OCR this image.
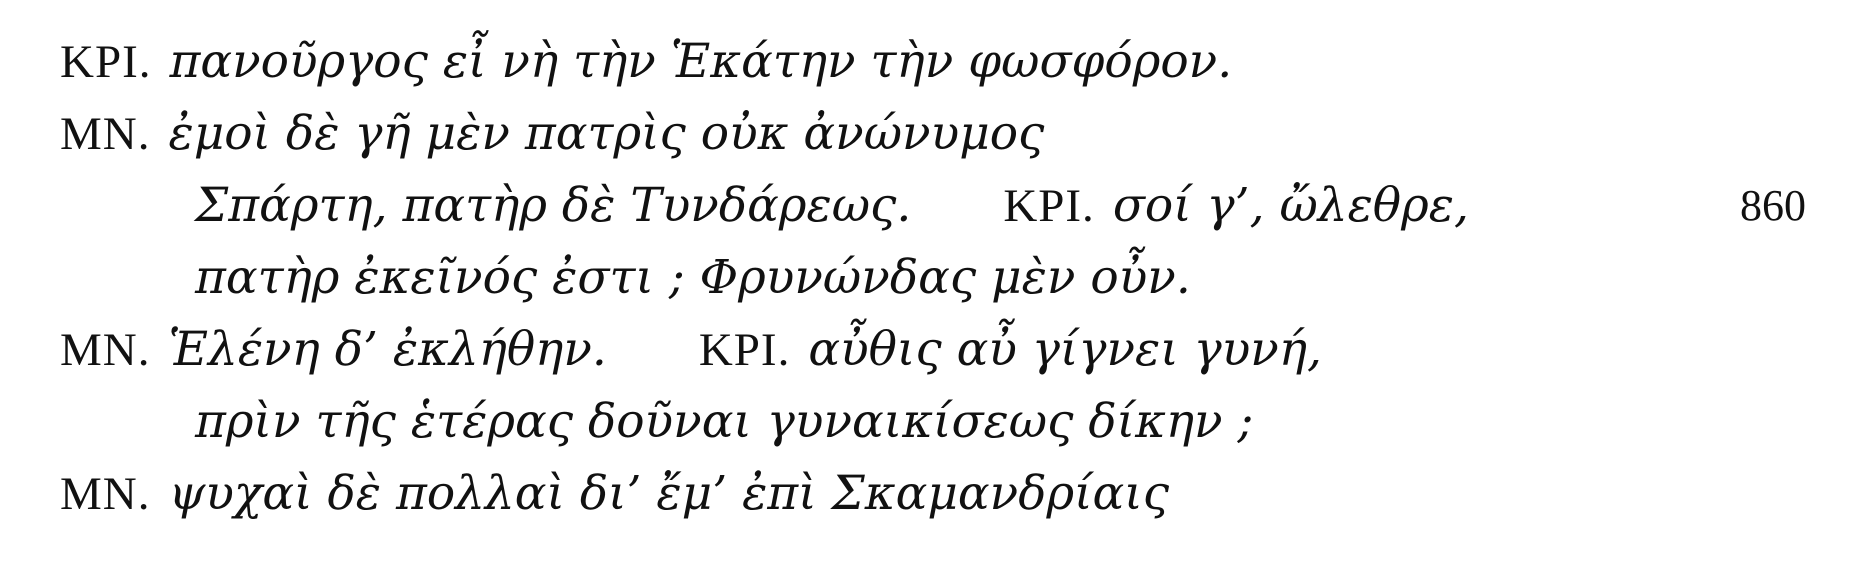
ΚΡΙ. πανοῦργος εἶ νὴ τὴν Ἑκάτην τὴν φωσφόρον.
ΜΝ. ἐμοὶ δὲ γῆ μὲν πατρὶς οὐκ ἀνώνυμος
Σπάρτη, πατὴρ δὲ Τυνδάρεως. ΚΡΙ. σοί γ’, ὤλεθρε,	860
πατὴρ ἐκεῖνός ἐστι ; Φρυνώνδας μὲν οὖν.
ΜΝ. Ἑλένη δ’ ἐκλήθην. ΚΡΙ. αὖθις αὖ γίγνει γυνή,
πρὶν τῆς ἑτέρας δοῦναι γυναικίσεως δίκην ;
ΜΝ. ψυχαὶ δὲ πολλαὶ δι’ ἔμ’ ἐπὶ Σκαμανδρίαις
